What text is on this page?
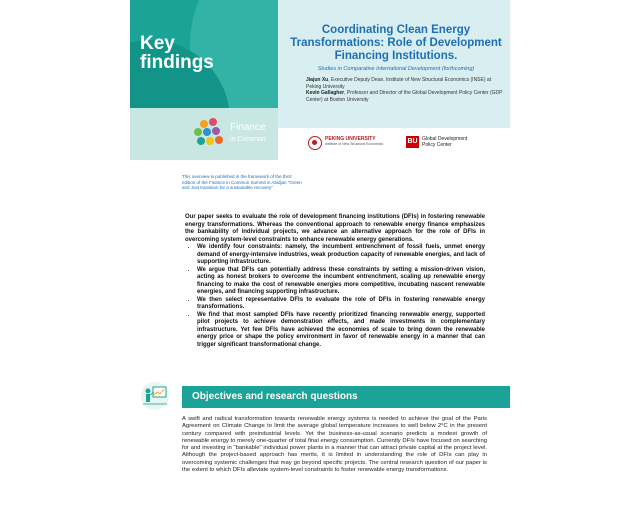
Key findings
Coordinating Clean Energy Transformations: Role of Development Financing Institutions.
Studies in Comparative International Development (forthcoming)
Jiajun Xu, Executive Deputy Dean, Institute of New Structural Economics (INSE) at Peking University
Kevin Gallagher, Professor and Director of the Global Development Policy Center (GDP Center) at Boston University
Finance
in Common	PEKING UNIVERSITY
Institute of New Structural Economics	BU Global Development
Policy Center
This overview is published in the framework of the third edition of the Finance in Common Summit in Abidjan "Green and Just transition for a sustainable recovery"
Our paper seeks to evaluate the role of development financing institutions (DFIs) in fostering renewable energy transformations. Whereas the conventional approach to renewable energy finance emphasizes the bankability of individual projects, we advance an alternative approach for the role of DFIs in overcoming system-level constraints to enhance renewable energy generations.
• We identify four constraints: namely, the incumbent entrenchment of fossil fuels, unmet energy demand of energy-intensive industries, weak production capacity of renewable energies, and lack of supporting infrastructure.
• We argue that DFIs can potentially address these constraints by setting a mission-driven vision, acting as honest brokers to overcome the incumbent entrenchment, scaling up renewable energy financing to make the cost of renewable energies more competitive, incubating nascent renewable energies, and financing supporting infrastructure.
• We then select representative DFIs to evaluate the role of DFIs in fostering renewable energy transformations.
• We find that most sampled DFIs have recently prioritized financing renewable energy, supported pilot projects to achieve demonstration effects, and made investments in complementary infrastructure. Yet few DFIs have achieved the economies of scale to bring down the renewable energy price or shape the policy environment in favor of renewable energy in a manner that can trigger significant transformational change.
Objectives and research questions
A swift and radical transformation towards renewable energy systems is needed to achieve the goal of the Paris Agreement on Climate Change to limit the average global temperature increases to well below 2°C in the present century compared with preindustrial levels. Yet the business-as-usual scenario predicts a modest growth of renewable energy to merely one-quarter of total final energy consumption. Currently DFIs have focused on searching for and investing in "bankable" individual power plants in a manner that can attract private capital at the project level. Although the project-based approach has merits, it is limited in understanding the role of DFIs can play in overcoming systemic challenges that may go beyond specific projects. The central research question of our paper is the extent to which DFIs alleviate system-level constraints to foster renewable energy transformations.
